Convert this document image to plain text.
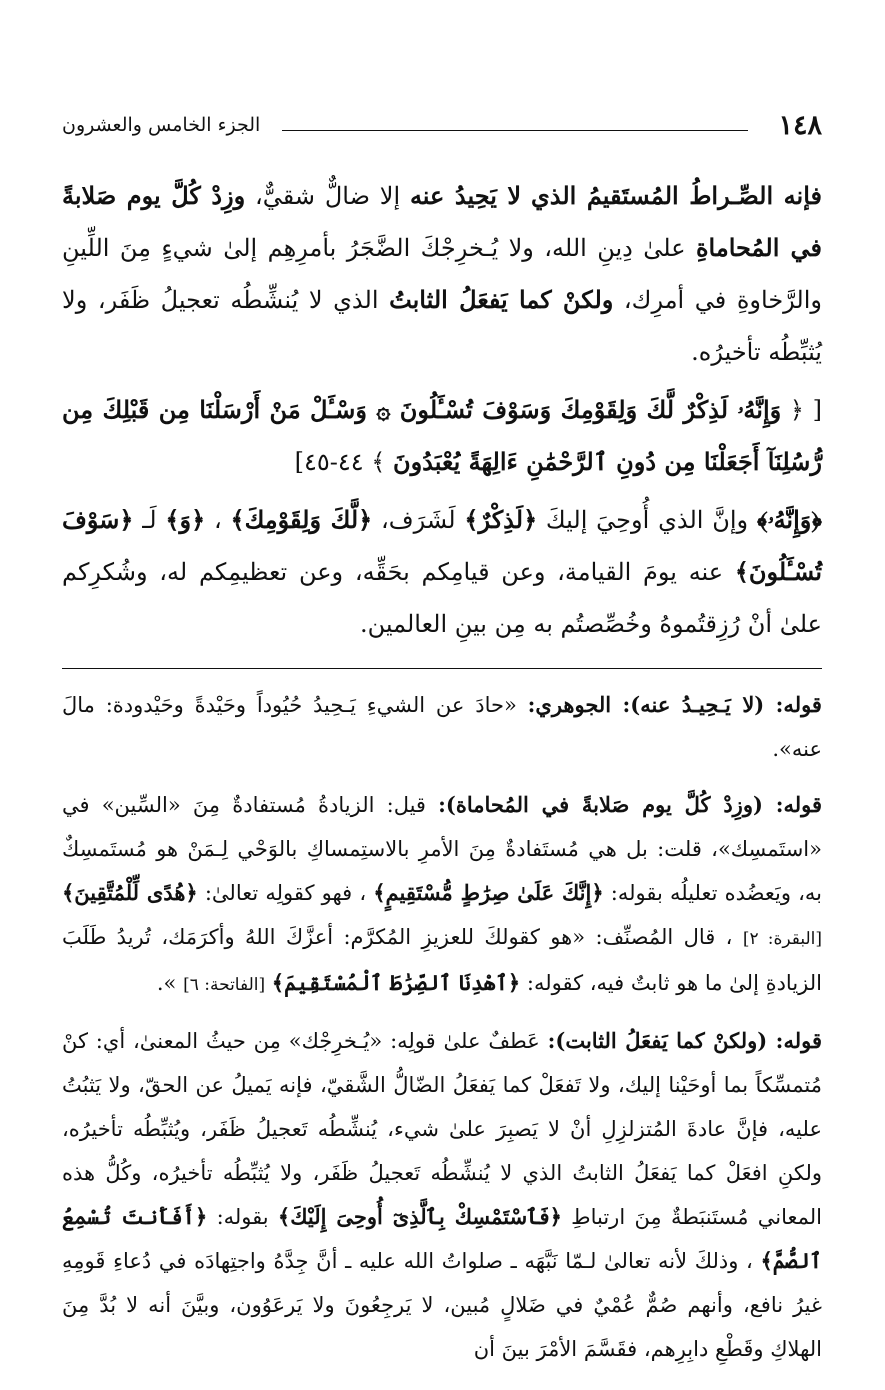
١٤٨
الجزء الخامس والعشرون

فإنه الصِّـراطُ المُستَقيمُ الذي لا يَحِيدُ عنه إلا ضالٌّ شقيٌّ، وزِدْ كُلَّ يوم صَلابةً في المُحاماةِ علىٰ دِينِ الله، ولا يُـخرِجْكَ الضَّجَرُ بأمرِهِم إلىٰ شيءٍ مِنَ اللِّينِ والرَّخاوةِ في أمرِك، ولكنْ كما يَفعَلُ الثابتُ الذي لا يُنشِّطُه تعجيلُ ظَفَر، ولا يُثبِّطُه تأخيرُه.

[ ﴿ وَإِنَّهُۥ لَذِكْرٌ لَّكَ وَلِقَوْمِكَ وَسَوْفَ تُسْـَٔلُونَ ۞ وَسْـَٔلْ مَنْ أَرْسَلْنَا مِن قَبْلِكَ مِن رُّسُلِنَآ أَجَعَلْنَا مِن دُونِ ٱلرَّحْمَٰنِ ءَالِهَةً يُعْبَدُونَ ﴾ ٤٤-٤٥]

﴿وَإِنَّهُۥ﴾ وإنَّ الذي أُوحِيَ إليكَ ﴿لَذِكْرٌ﴾ لَشَرَف، ﴿لَّكَ وَلِقَوْمِكَ﴾ ، ﴿وَ﴾ لَـ ﴿سَوْفَ تُسْـَٔلُونَ﴾ عنه يومَ القيامة، وعن قيامِكم بحَقِّه، وعن تعظيمِكم له، وشُكرِكم علىٰ أنْ رُزِقتُموهُ وخُصِّصتُم به مِن بينِ العالمين.

قوله: (لا يَـحِيـدُ عنه): الجوهري: «حادَ عن الشيءِ يَـحِيدُ حُيُوداً وحَيْدةً وحَيْدودة: مالَ عنه».

قوله: (وزِدْ كُلَّ يوم صَلابةً في المُحاماة): قيل: الزيادةُ مُستفادةٌ مِنَ «السِّين» في «استَمسِك»، قلت: بل هي مُستَفادةٌ مِنَ الأمرِ بالاستِمساكِ بالوَحْي لِـمَنْ هو مُستَمسِكٌ به، ويَعضُده تعليلُه بقوله: ﴿إِنَّكَ عَلَىٰ صِرَٰطٍ مُّسْتَقِيمٍ﴾ ، فهو كقولِه تعالىٰ: ﴿هُدًى لِّلْمُتَّقِينَ﴾ [البقرة: ٢] ، قال المُصنِّف: «هو كقولكَ للعزيزِ المُكرَّم: أعزَّكَ اللهُ وأكرَمَك، تُريدُ طَلَبَ الزيادةِ إلىٰ ما هو ثابتٌ فيه، كقوله: ﴿ٱهْدِنَا ٱلصِّرَٰطَ ٱلْمُسْتَقِيمَ﴾ [الفاتحة: ٦] ».

قوله: (ولكنْ كما يَفعَلُ الثابت): عَطفٌ علىٰ قولِه: «يُـخرِجْك» مِن حيثُ المعنىٰ، أي: كنْ مُتمسِّكاً بما أوحَيْنا إليك، ولا تَفعَلْ كما يَفعَلُ الضّالُّ الشَّقيّ، فإنه يَميلُ عن الحقّ، ولا يَثبُتُ عليه، فإنَّ عادةَ المُتزلزِلِ أنْ لا يَصبِرَ علىٰ شيء، يُنشِّطُه تَعجيلُ ظَفَر، ويُثبِّطُه تأخيرُه، ولكنِ افعَلْ كما يَفعَلُ الثابتُ الذي لا يُنشِّطُه تَعجيلُ ظَفَر، ولا يُثبِّطُه تأخيرُه، وكُلُّ هذه المعاني مُستَنبَطةٌ مِنَ ارتباطِ ﴿فَٱسْتَمْسِكْ بِٱلَّذِىٓ أُوحِىَ إِلَيْكَ﴾ بقوله: ﴿أَفَأَنتَ تُسْمِعُ ٱلصُّمَّ﴾ ، وذلكَ لأنه تعالىٰ لـمّا نَبَّهَه ـ صلواتُ الله عليه ـ أنَّ جِدَّهُ واجتِهادَه في دُعاءِ قَومِهِ غيرُ نافع، وأنهم صُمٌّ عُمْيٌ في ضَلالٍ مُبين، لا يَرجِعُونَ ولا يَرعَوُون، وبيَّنَ أنه لا بُدَّ مِنَ الهلاكِ وقَطْعِ دابِرِهم، فقَسَّمَ الأمْرَ بينَ أن
